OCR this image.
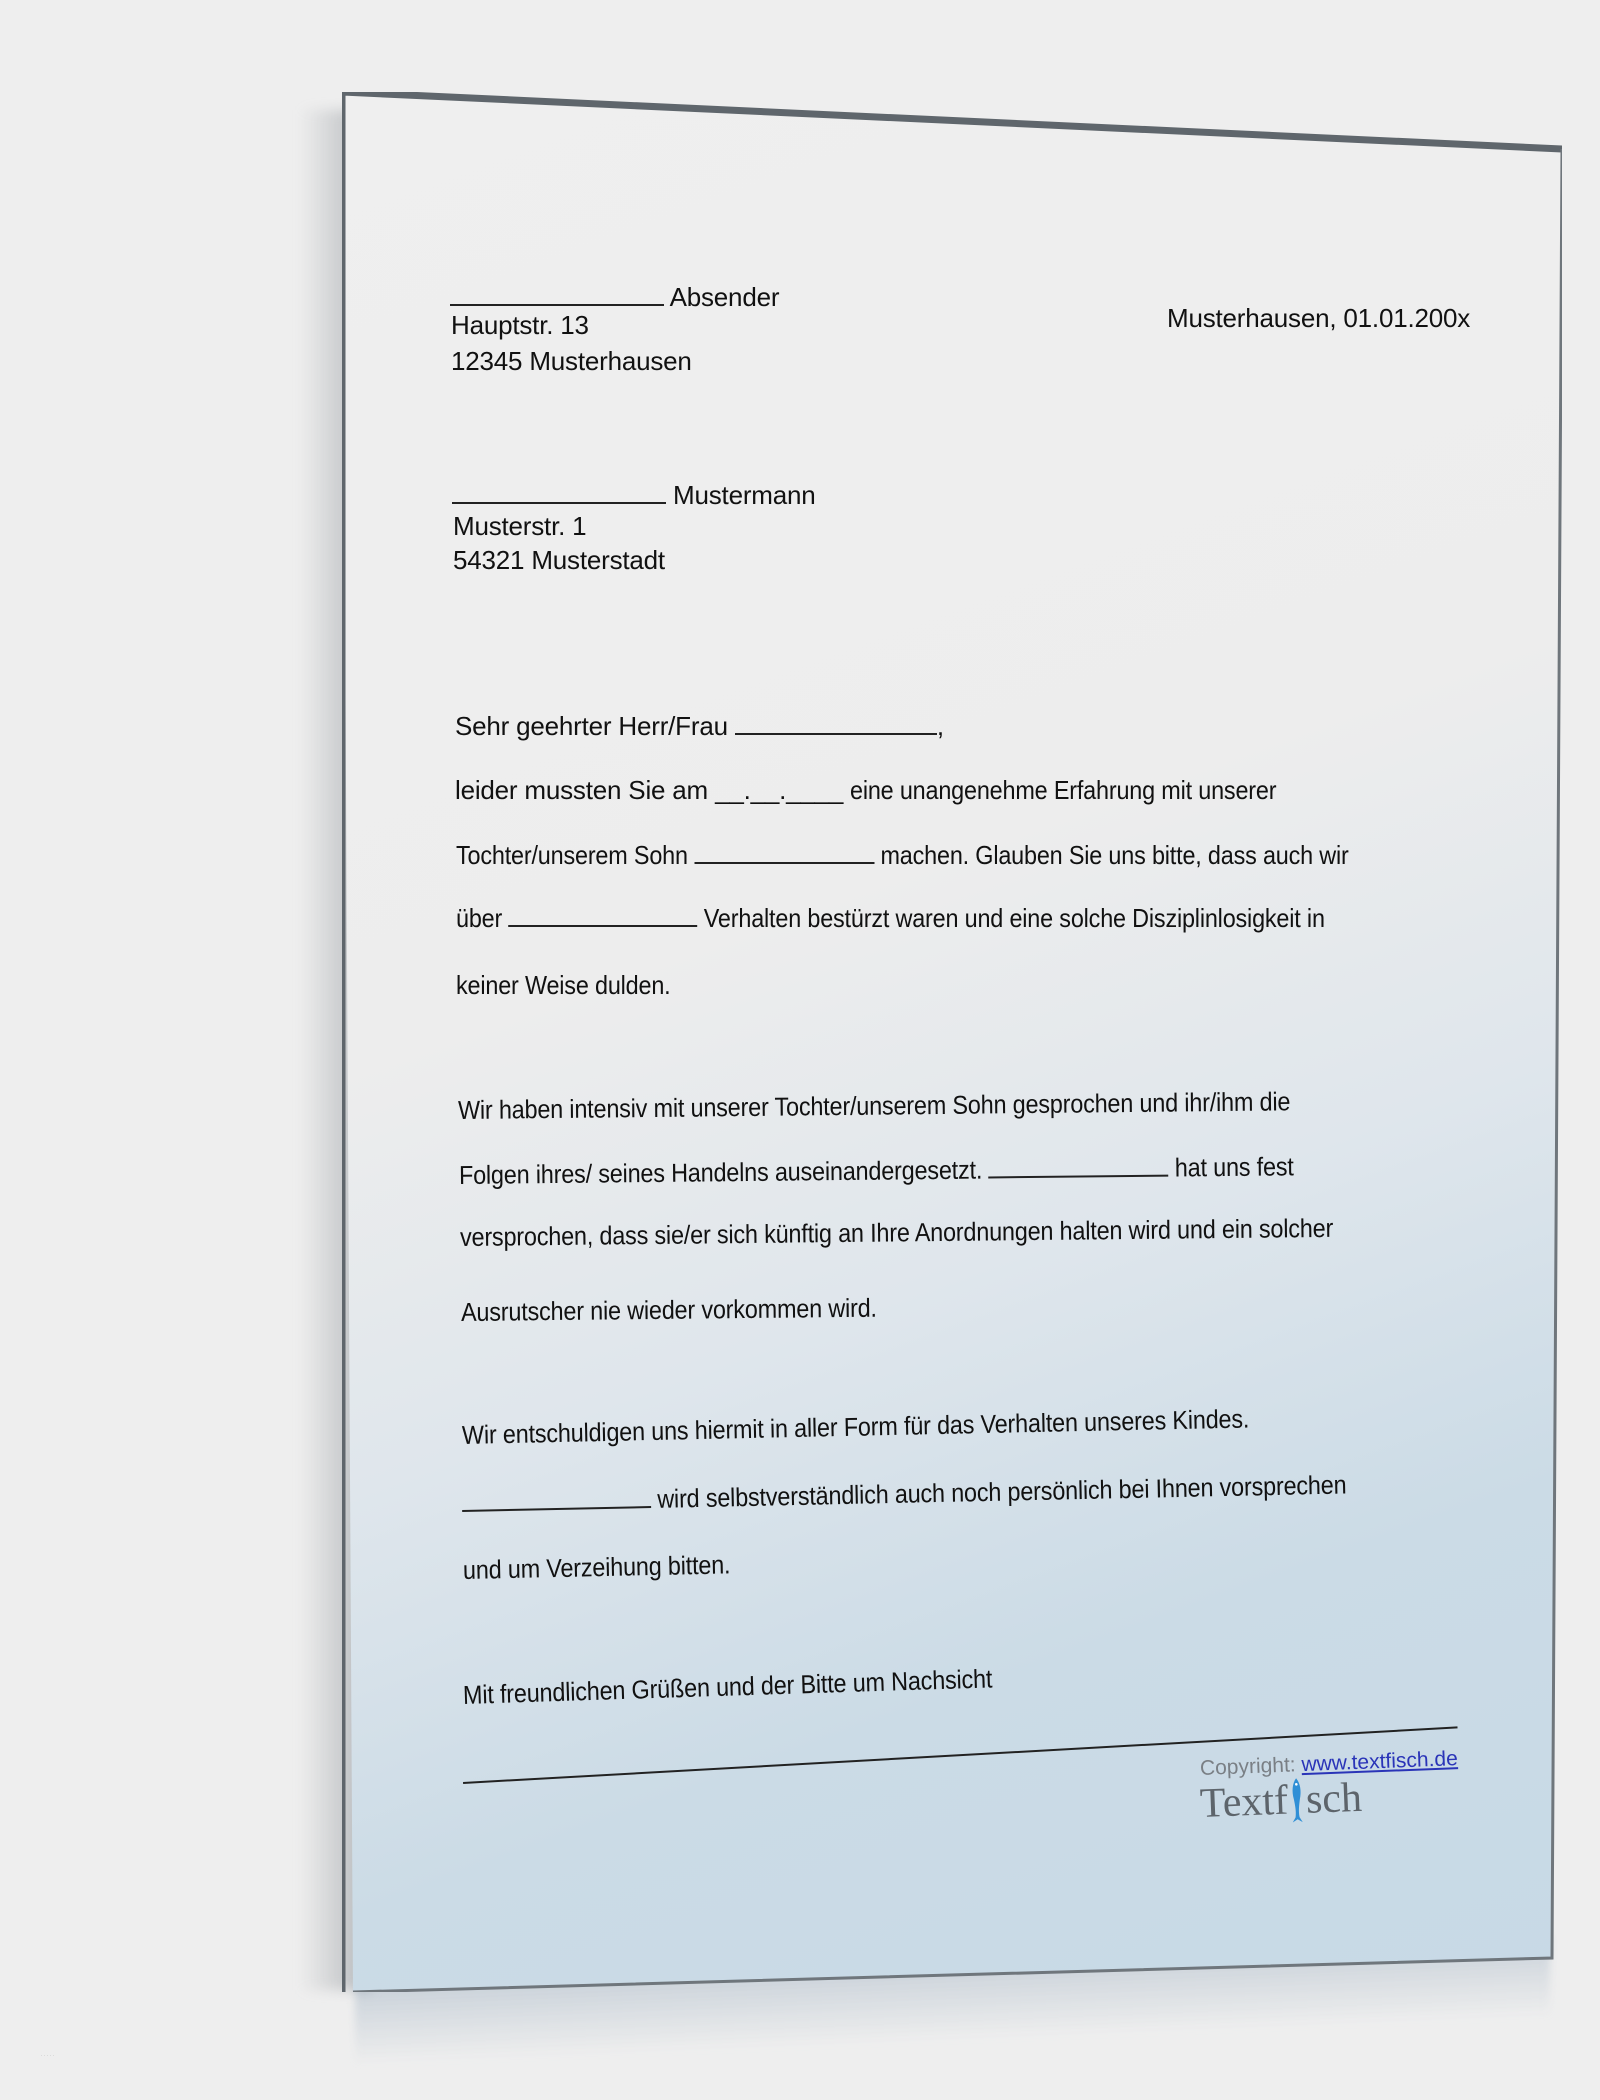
Absender
Hauptstr. 13
12345 Musterhausen
Musterhausen, 01.01.200x
Mustermann
Musterstr. 1
54321 Musterstadt
Sehr geehrter Herr/Frau	,
leider mussten Sie am __.__.____ eine unangenehme Erfahrung mit unserer
Tochter/unserem Sohn	machen. Glauben Sie uns bitte, dass auch wir
über	Verhalten bestürzt waren und eine solche Disziplinlosigkeit in
keiner Weise dulden.
Wir haben intensiv mit unserer Tochter/unserem Sohn gesprochen und ihr/ihm die
Folgen ihres/ seines Handelns auseinandergesetzt.	hat uns fest
versprochen, dass sie/er sich künftig an Ihre Anordnungen halten wird und ein solcher
Ausrutscher nie wieder vorkommen wird.
Wir entschuldigen uns hiermit in aller Form für das Verhalten unseres Kindes.
wird selbstverständlich auch noch persönlich bei Ihnen vorsprechen
und um Verzeihung bitten.
Mit freundlichen Grüßen und der Bitte um Nachsicht
Copyright: www.textfisch.de
Textf sch
·····
